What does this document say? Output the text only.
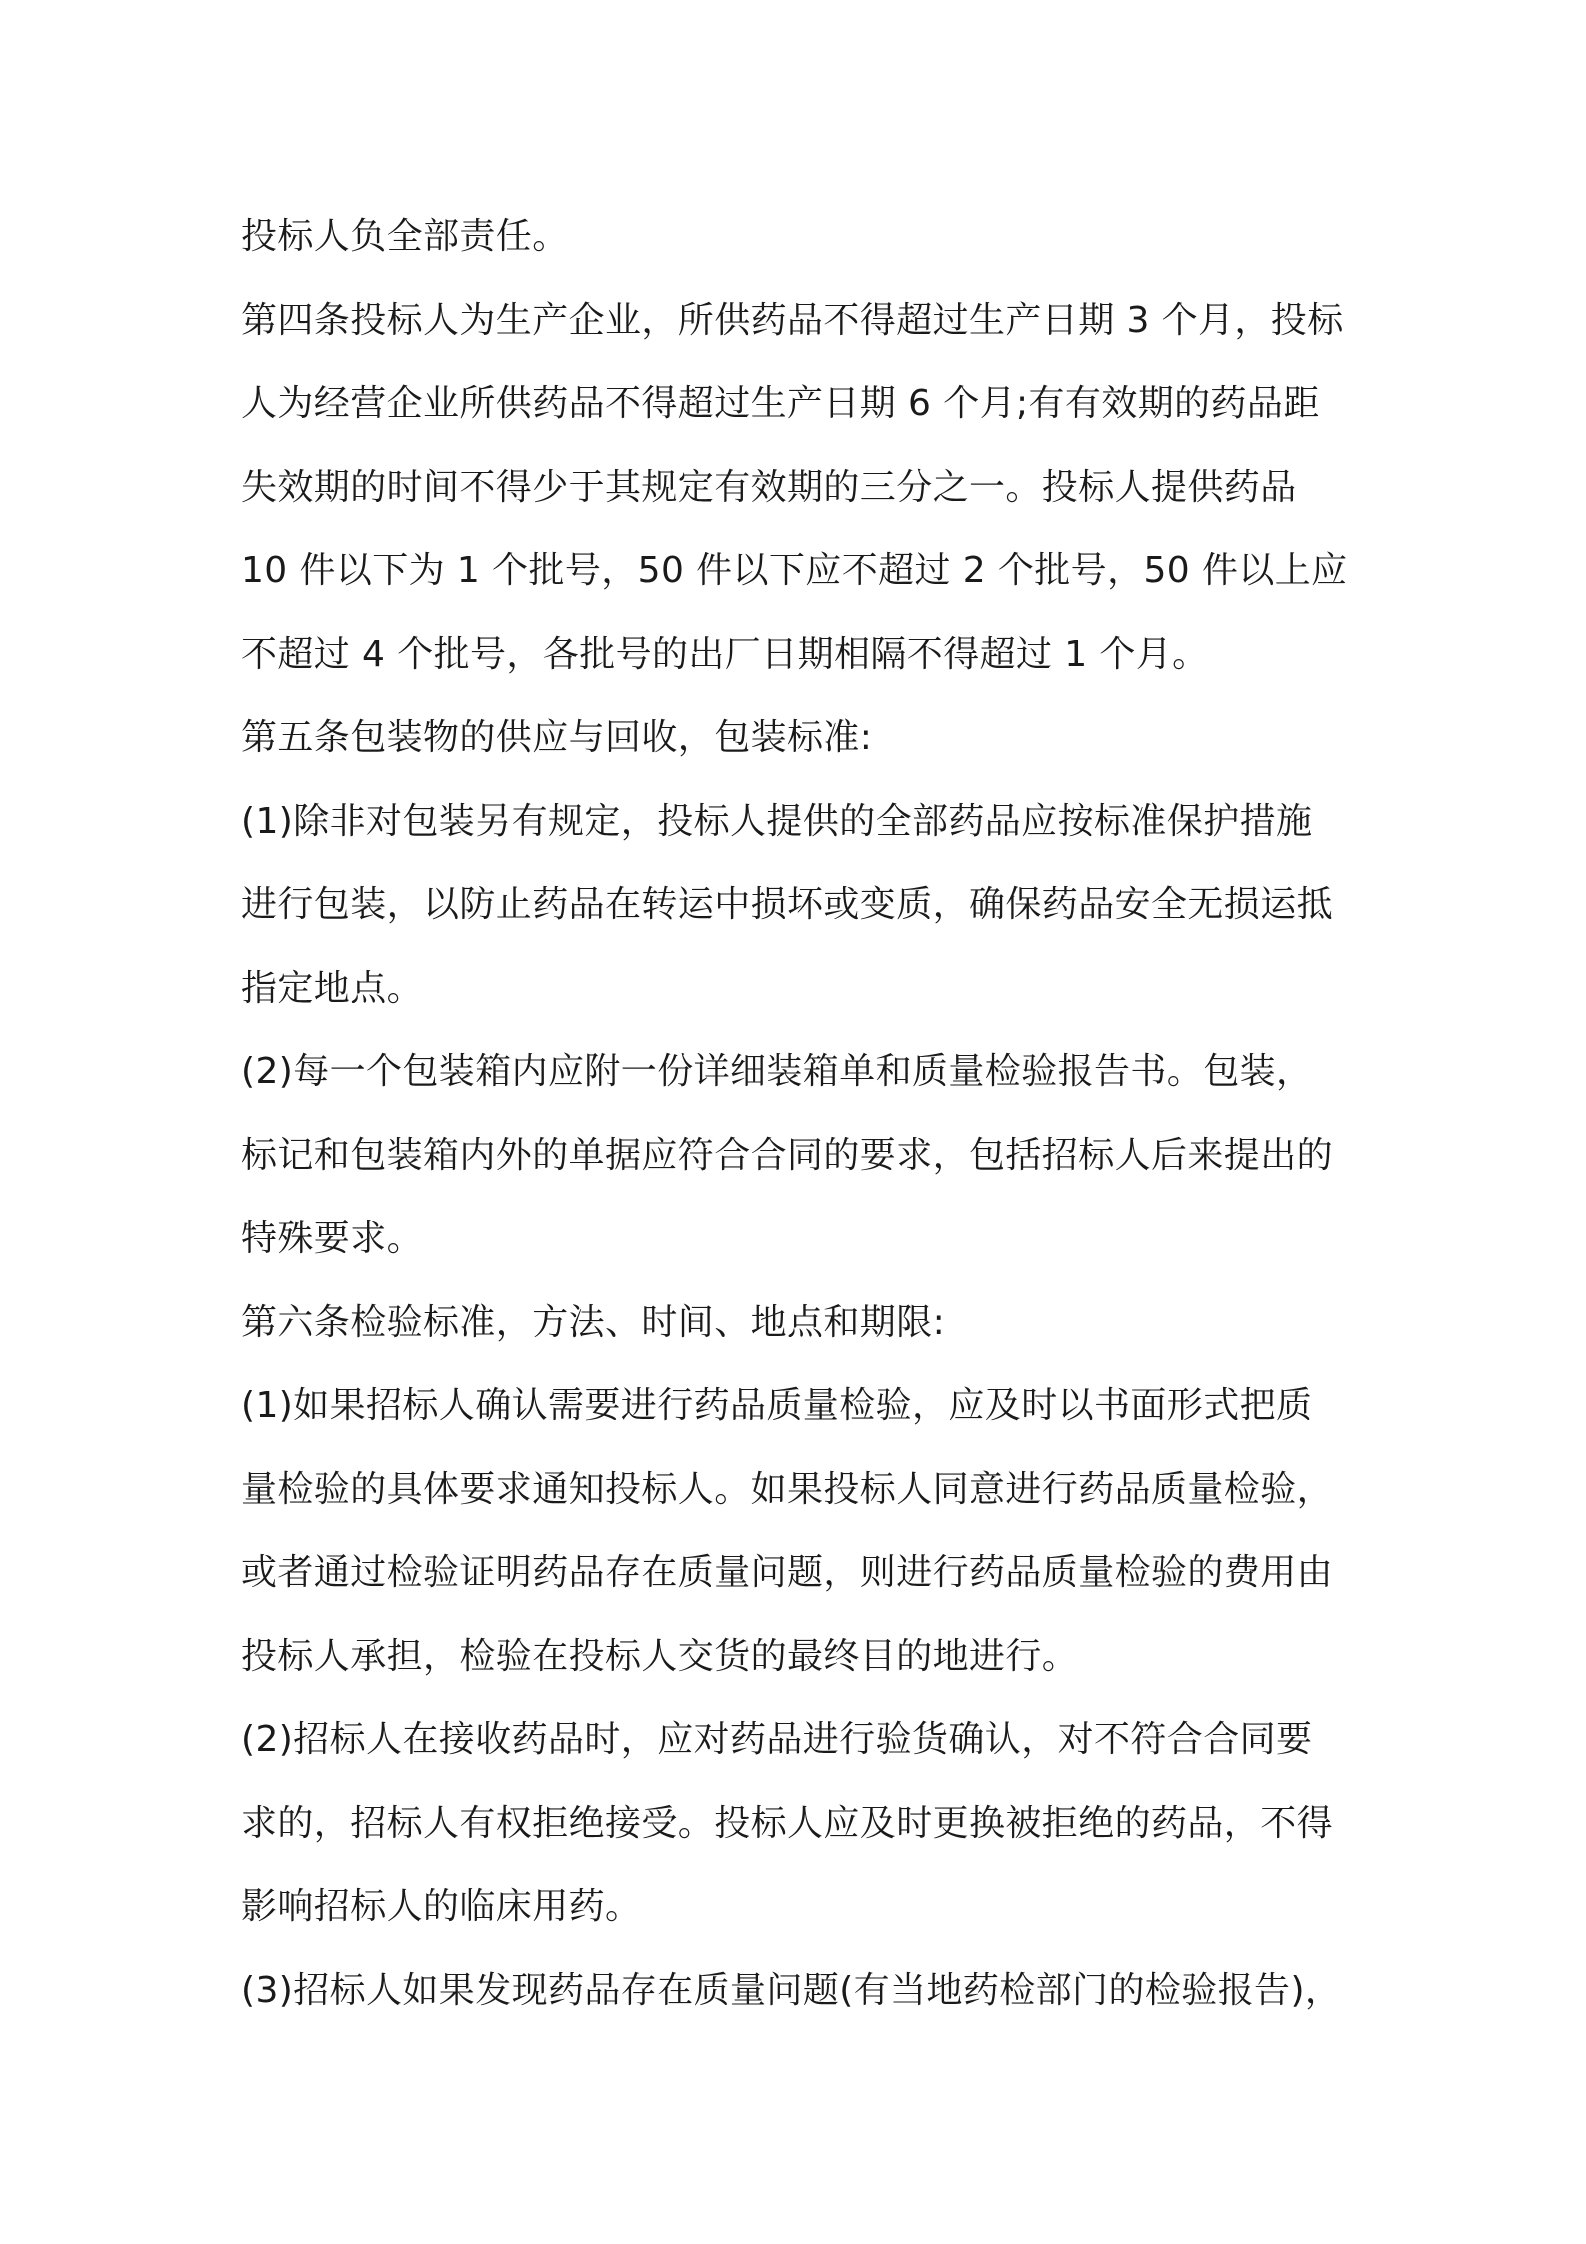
投标人负全部责任。
第四条投标人为生产企业，所供药品不得超过生产日期 3 个月，投标
人为经营企业所供药品不得超过生产日期 6 个月;有有效期的药品距
失效期的时间不得少于其规定有效期的三分之一。投标人提供药品
10 件以下为 1 个批号，50 件以下应不超过 2 个批号，50 件以上应
不超过 4 个批号，各批号的出厂日期相隔不得超过 1 个月。
第五条包装物的供应与回收，包装标准:
(1)除非对包装另有规定，投标人提供的全部药品应按标准保护措施
进行包装，以防止药品在转运中损坏或变质，确保药品安全无损运抵
指定地点。
(2)每一个包装箱内应附一份详细装箱单和质量检验报告书。包装，
标记和包装箱内外的单据应符合合同的要求，包括招标人后来提出的
特殊要求。
第六条检验标准，方法、时间、地点和期限:
(1)如果招标人确认需要进行药品质量检验，应及时以书面形式把质
量检验的具体要求通知投标人。如果投标人同意进行药品质量检验，
或者通过检验证明药品存在质量问题，则进行药品质量检验的费用由
投标人承担，检验在投标人交货的最终目的地进行。
(2)招标人在接收药品时，应对药品进行验货确认，对不符合合同要
求的，招标人有权拒绝接受。投标人应及时更换被拒绝的药品，不得
影响招标人的临床用药。
(3)招标人如果发现药品存在质量问题(有当地药检部门的检验报告)，
